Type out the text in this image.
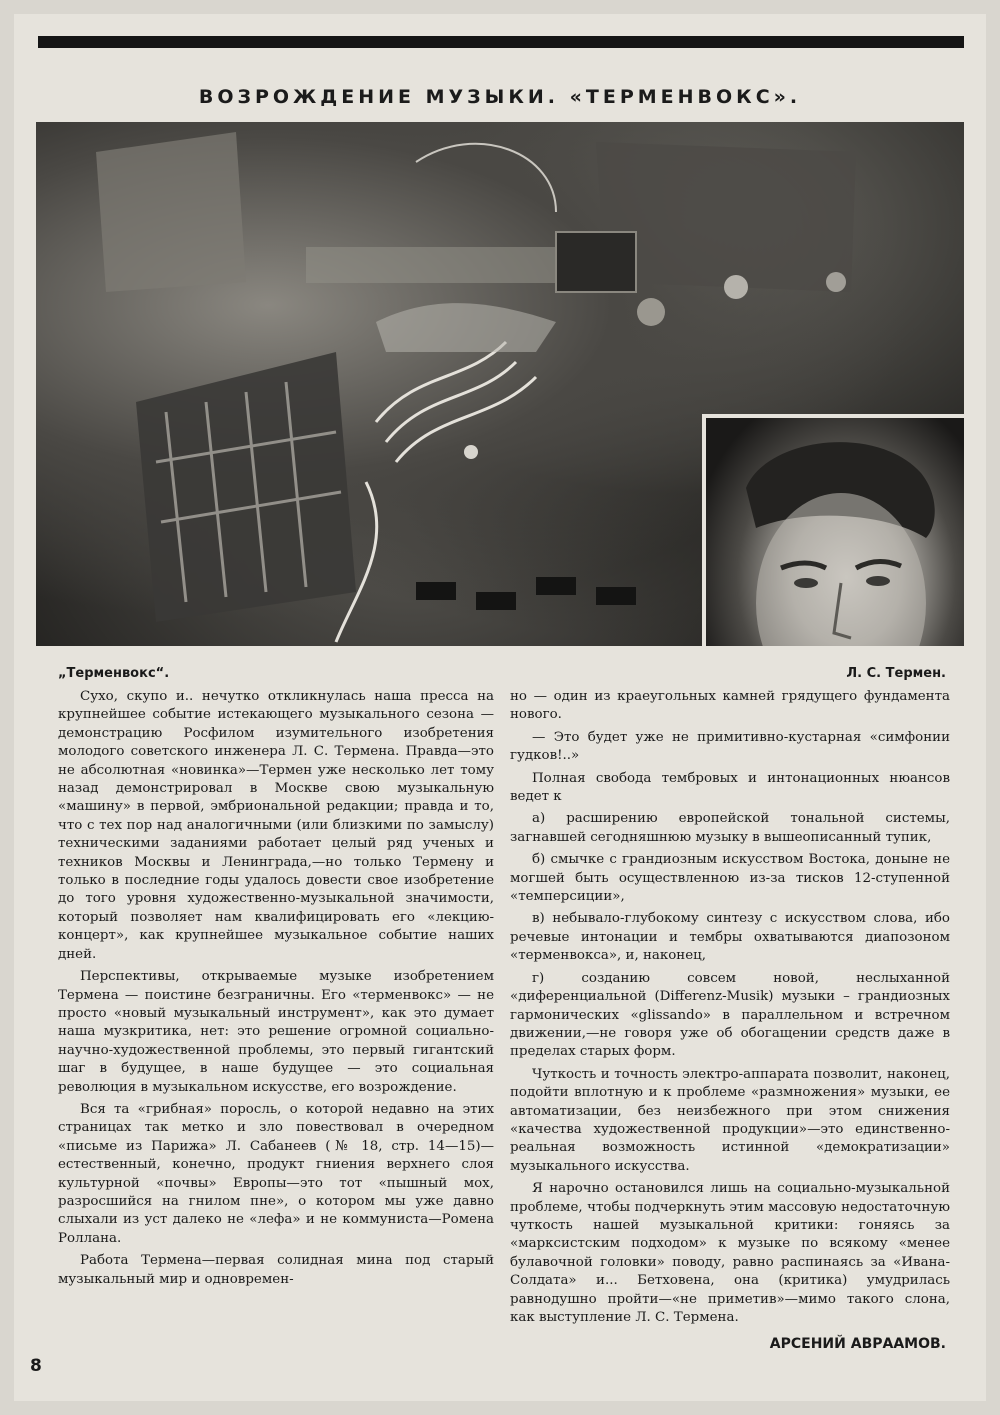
ВОЗРОЖДЕНИЕ МУЗЫКИ. «ТЕРМЕНВОКС».
„Терменвокс“.	Л. С. Термен.

Сухо, скупо и.. нечутко откликнулась наша пресса на крупнейшее событие истекающего музыкального сезона — демонстрацию Росфилом изумительного изобретения молодого советского инженера Л. С. Термена. Правда—это не абсолютная «новинка»—Термен уже несколько лет тому назад демонстрировал в Москве свою музыкальную «машину» в первой, эмбриональной редакции; правда и то, что с тех пор над аналогичными (или близкими по замыслу) техническими заданиями работает целый ряд ученых и техников Москвы и Ленинграда,—но только Термену и только в последние годы удалось довести свое изобретение до того уровня художественно-музыкальной значимости, который позволяет нам квалифицировать его «лекцию-концерт», как крупнейшее музыкальное событие наших дней.

Перспективы, открываемые музыке изобретением Термена — поистине безграничны. Его «терменвокс» — не просто «новый музыкальный инструмент», как это думает наша музкритика, нет: это решение огромной социально-научно-художественной проблемы, это первый гигантский шаг в будущее, в наше будущее — это социальная революция в музыкальном искусстве, его возрождение.

Вся та «грибная» поросль, о которой недавно на этих страницах так метко и зло повествовал в очередном «письме из Парижа» Л. Сабанеев (№ 18, стр. 14—15)—естественный, конечно, продукт гниения верхнего слоя культурной «почвы» Европы—это тот «пышный мох, разросшийся на гнилом пне», о котором мы уже давно слыхали из уст далеко не «лефа» и не коммуниста—Ромена Роллана.

Работа Термена—первая солидная мина под старый музыкальный мир и одновремен-

но — один из краеугольных камней грядущего фундамента нового.

— Это будет уже не примитивно-кустарная «симфонии гудков!..»

Полная свобода тембровых и интонационных нюансов ведет к

а) расширению европейской тональной системы, загнавшей сегодняшнюю музыку в вышеописанный тупик,

б) смычке с грандиозным искусством Востока, доныне не могшей быть осуществленною из-за тисков 12-ступенной «темперсиции»,

в) небывало-глубокому синтезу с искусством слова, ибо речевые интонации и тембры охватываются диапозоном «терменвокса», и, наконец,

г) созданию совсем новой, неслыханной «диференциальной (Differenz-Musik) музыки – грандиозных гармонических «glissando» в параллельном и встречном движении,—не говоря уже об обогащении средств даже в пределах старых форм.

Чуткость и точность электро-аппарата позволит, наконец, подойти вплотную и к проблеме «размножения» музыки, ее автоматизации, без неизбежного при этом снижения «качества художественной продукции»—это единственно-реальная возможность истинной «демократизации» музыкального искусства.

Я нарочно остановился лишь на социально-музыкальной проблеме, чтобы подчеркнуть этим массовую недостаточную чуткость нашей музыкальной критики: гоняясь за «марксистским подходом» к музыке по всякому «менее булавочной головки» поводу, равно распинаясь за «Ивана-Солдата» и... Бетховена, она (критика) умудрилась равнодушно пройти—«не приметив»—мимо такого слона, как выступление Л. С. Термена.

АРСЕНИЙ АВРААМОВ.
8
